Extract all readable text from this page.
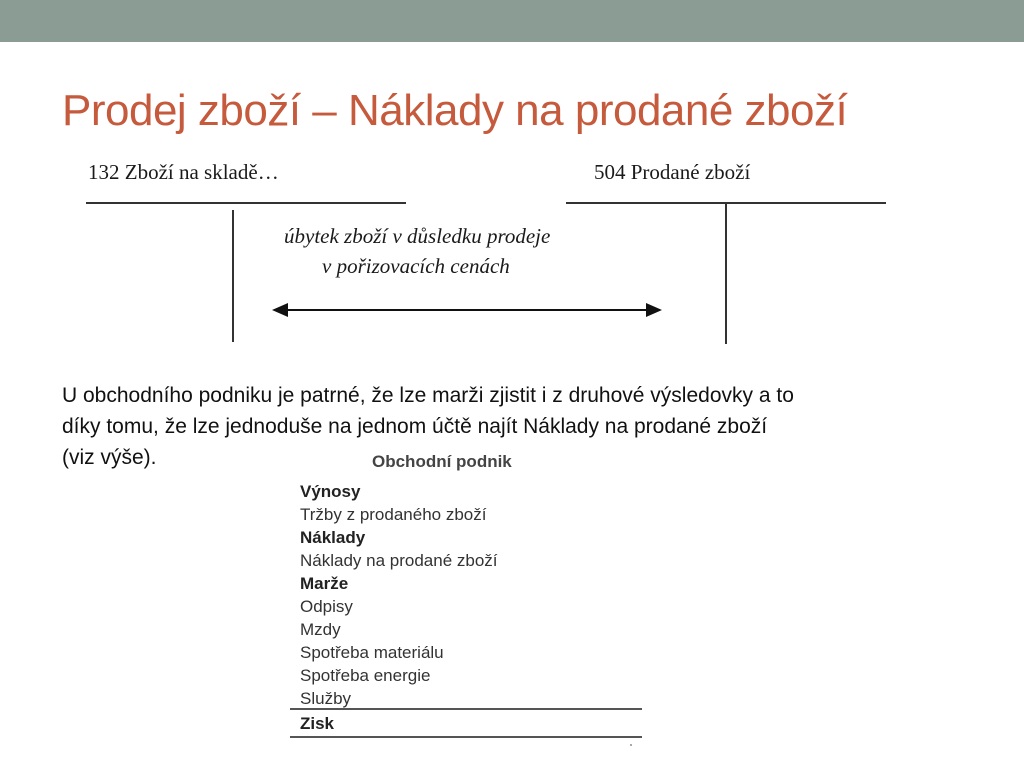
Prodej zboží – Náklady na prodané zboží
132 Zboží na skladě…	504 Prodané zboží
úbytek zboží v důsledku prodeje
v pořizovacích cenách

U obchodního podniku je patrné, že lze marži zjistit i z druhové výsledovky a to
díky tomu, že lze jednoduše na jednom účtě najít Náklady na prodané zboží
(viz výše).	Obchodní podnik
Výnosy
Tržby z prodaného zboží
Náklady
Náklady na prodané zboží
Marže
Odpisy
Mzdy
Spotřeba materiálu
Spotřeba energie
Služby
Zisk
